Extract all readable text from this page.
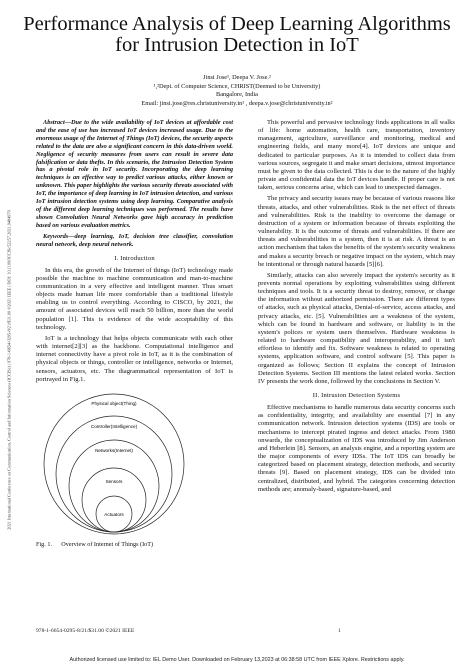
2021 International Conference on Communication, Control and Information Sciences (ICCISc) | 978-1-6654-0295-8/21/$31.00 ©2021 IEEE | DOI: 10.1109/ICCISc52257.2021.9484979
Performance Analysis of Deep Learning Algorithms for Intrusion Detection in IoT
Jinsi Jose¹, Deepa V. Jose.²
¹,²Dept. of Computer Science, CHRIST(Deemed to be University)
Bangalore, India
Email: jinsi.jose@res.christuniversity.in¹ , deepa.v.jose@christuniversity.in²

Abstract—Due to the wide availability of IoT devices at affordable cost and the ease of use has increased IoT devices increased usage. Due to the enormous usage of the Internet of Things (IoT) devices, the security aspects related to the data are also a significant concern in this data-driven world. Negligence of security measures from users can result in severe data falsification or data thefts. In this scenario, the Intrusion Detection System has a pivotal role in IoT security. Incorporating the deep learning techniques is an effective way to predict various attacks, either known or unknown. This paper highlights the various security threats associated with IoT, the importance of deep learning in IoT intrusion detection, and various IoT intrusion detection systems using deep learning. Comparative analysis of the different deep learning techniques was performed. The results have shown Convolution Neural Networks gave high accuracy in prediction based on various evaluation metrics.

Keywords—deep learning, IoT, decision tree classifier, convolution neural network, deep neural network.

I. Introduction

In this era, the growth of the Internet of things (IoT) technology made possible the machine to machine communication and man-to-machine communication in a very effective and intelligent manner. Thus smart objects made human life more comfortable than a traditional lifestyle enabling us to control everything. According to CISCO, by 2021, the amount of associated devices will reach 50 billion, more than the world population [1]. This is evidence of the wide acceptability of this technology.

IoT is a technology that helps objects communicate with each other with internet[2][3] as the backbone. Computational intelligence and internet connectivity have a pivot role in IoT, as it is the combination of physical objects or things, controller or intelligence, networks or Internet, sensors, actuators, etc. The diagrammatical representation of IoT is portrayed in Fig.1.

Physical object(Thing)
Controller(Intelligence)
Networks(Internet)
Sensors
Actuators
Fig. 1. Overview of Internet of Things (IoT)

This powerful and pervasive technology finds applications in all walks of life: home automation, health care, transportation, inventory management, agriculture, surveillance and monitoring, medical and engineering fields, and many more[4]. IoT devices are unique and dedicated to particular purposes. As it is intended to collect data from various sources, segregate it and make smart decisions, utmost importance must be given to the data collected. This is due to the nature of the highly private and confidential data the IoT devices handle. If proper care is not taken, serious concerns arise, which can lead to unexpected damages.

The privacy and security issues may be because of various reasons like threats, attacks, and other vulnerabilities. Risk is the net effect of threats and vulnerabilities. Risk is the inability to overcome the damage or destruction of a system or information because of threats exploiting the vulnerability. It is the outcome of threats and vulnerabilities. If there are threats and vulnerabilities in a system, then it is at risk. A threat is an action mechanism that takes the benefits of the system's security weakness and makes a security breach or negative impact on the system, which may be intentional or through natural hazards [5][6].

Similarly, attacks can also severely impact the system's security as it prevents normal operations by exploiting vulnerabilities using different techniques and tools. It is a security threat to destroy, remove, or change the information without authorized permission. There are different types of attacks, such as physical attacks, Denial-of-service, access attacks, and privacy attacks, etc. [5]. Vulnerabilities are a weakness of the system, which can be found in hardware and software, or liability is in the system's polices or system users themselves. Hardware weakness is related to hardware compatibility and interoperability, and it isn't effortless to identify and fix. Software weakness is related to operating systems, application software, and control software [5]. This paper is organized as follows; Section II explains the concept of Intrusion Detection Systems. Section III mentions the latest related works. Section IV presents the work done, followed by the conclusions in Section V.

II. Intrusion Detection Systems

Effective mechanisms to handle numerous data security concerns such as confidentiality, integrity, and availability are essential [7] in any communication network. Intrusion detection systems (IDS) are tools or mechanisms to intercept pirated ingress and detect attacks. From 1980 onwards, the conceptualization of IDS was introduced by Jim Anderson and Heberlein [8]. Sensors, an analysis engine, and a reporting system are the major components of every IDSs. The IoT IDS can broadly be categorized based on placement strategy, detection methods, and security threats [9]. Based on placement strategy, IDS can be divided into centralized, distributed, and hybrid. The categories concerning detection methods are; anomaly-based, signature-based, and

978-1-6654-0295-8/21/$31.00 ©2021 IEEE	1
Authorized licensed use limited to: IEL Demo User. Downloaded on February 13,2023 at 06:38:58 UTC from IEEE Xplore. Restrictions apply.
